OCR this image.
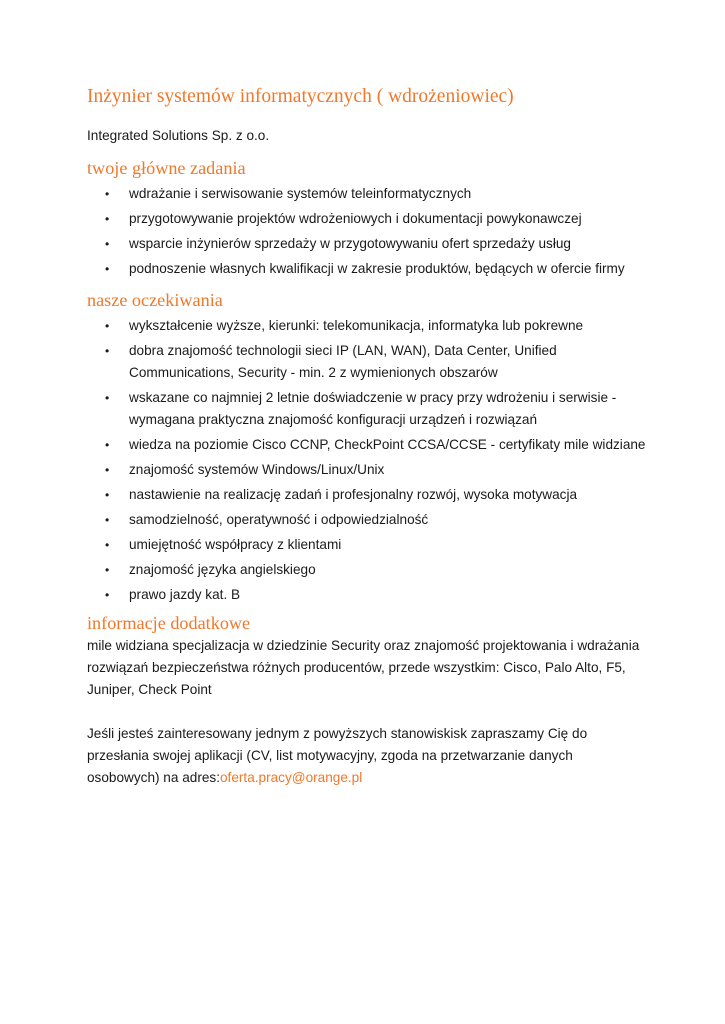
Inżynier systemów informatycznych ( wdrożeniowiec)

Integrated Solutions Sp. z o.o.

twoje główne zadania
• wdrażanie i serwisowanie systemów teleinformatycznych
• przygotowywanie projektów wdrożeniowych i dokumentacji powykonawczej
• wsparcie inżynierów sprzedaży w przygotowywaniu ofert sprzedaży usług
• podnoszenie własnych kwalifikacji w zakresie produktów, będących w ofercie firmy
nasze oczekiwania
• wykształcenie wyższe, kierunki: telekomunikacja, informatyka lub pokrewne
• dobra znajomość technologii sieci IP (LAN, WAN), Data Center, Unified Communications, Security - min. 2 z wymienionych obszarów
• wskazane co najmniej 2 letnie doświadczenie w pracy przy wdrożeniu i serwisie - wymagana praktyczna znajomość konfiguracji urządzeń i rozwiązań
• wiedza na poziomie Cisco CCNP, CheckPoint CCSA/CCSE - certyfikaty mile widziane
• znajomość systemów Windows/Linux/Unix
• nastawienie na realizację zadań i profesjonalny rozwój, wysoka motywacja
• samodzielność, operatywność i odpowiedzialność
• umiejętność współpracy z klientami
• znajomość języka angielskiego
• prawo jazdy kat. B
informacje dodatkowe

mile widziana specjalizacja w dziedzinie Security oraz znajomość projektowania i wdrażania rozwiązań bezpieczeństwa różnych producentów, przede wszystkim: Cisco, Palo Alto, F5, Juniper, Check Point

Jeśli jesteś zainteresowany jednym z powyższych stanowiskisk zapraszamy Cię do przesłania swojej aplikacji (CV, list motywacyjny, zgoda na przetwarzanie danych osobowych) na adres:oferta.pracy@orange.pl
